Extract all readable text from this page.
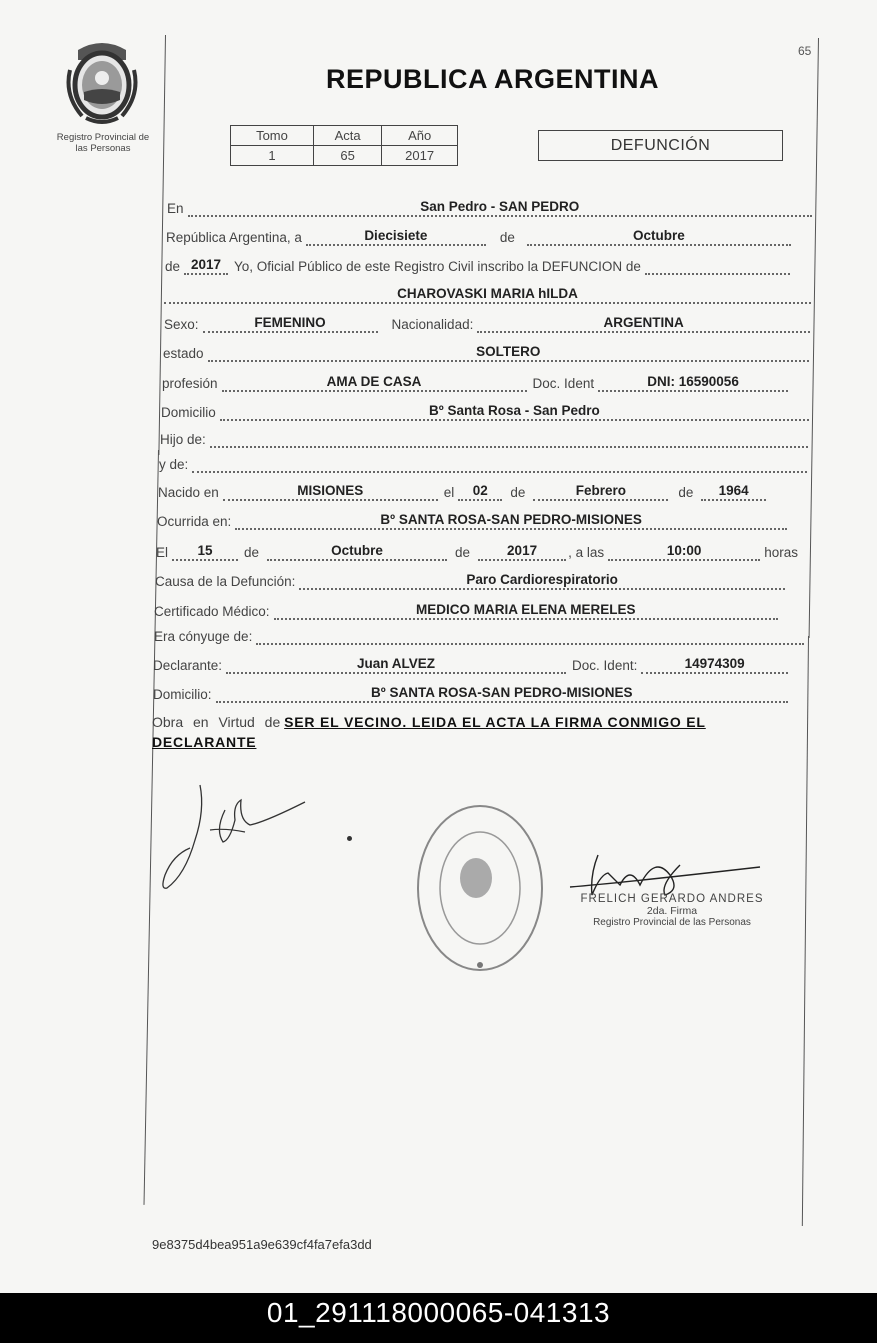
65
Registro Provincial de
las Personas
REPUBLICA ARGENTINA
Tomo	Acta	Año
1	65	2017
DEFUNCIÓN
En	San Pedro - SAN PEDRO
República Argentina, a	Diecisiete	de	Octubre
de 2017 Yo, Oficial Público de este Registro Civil inscribo la DEFUNCION de
CHAROVASKI MARIA hILDA
Sexo:	FEMENINO	Nacionalidad:	ARGENTINA
estado	SOLTERO
profesión	AMA DE CASA	Doc. Ident	DNI: 16590056
Domicilio	Bº Santa Rosa - San Pedro
Hijo de:
y de:
Nacido en	MISIONES	el	02	de	Febrero	de	1964
Ocurrida en:	Bº SANTA ROSA-SAN PEDRO-MISIONES
El	15	de	Octubre	de	2017	, a las	10:00	horas
Causa de la Defunción:	Paro Cardiorespiratorio
Certificado Médico:	MEDICO MARIA ELENA MERELES
Era cónyuge de:
Declarante:	Juan ALVEZ	Doc. Ident:	14974309
Domicilio:	Bº SANTA ROSA-SAN PEDRO-MISIONES
Obra en Virtud de SER EL VECINO. LEIDA EL ACTA LA FIRMA CONMIGO EL DECLARANTE
FRELICH GERARDO ANDRES
2da. Firma
Registro Provincial de las Personas
9e8375d4bea951a9e639cf4fa7efa3dd
01_291118000065-041313
